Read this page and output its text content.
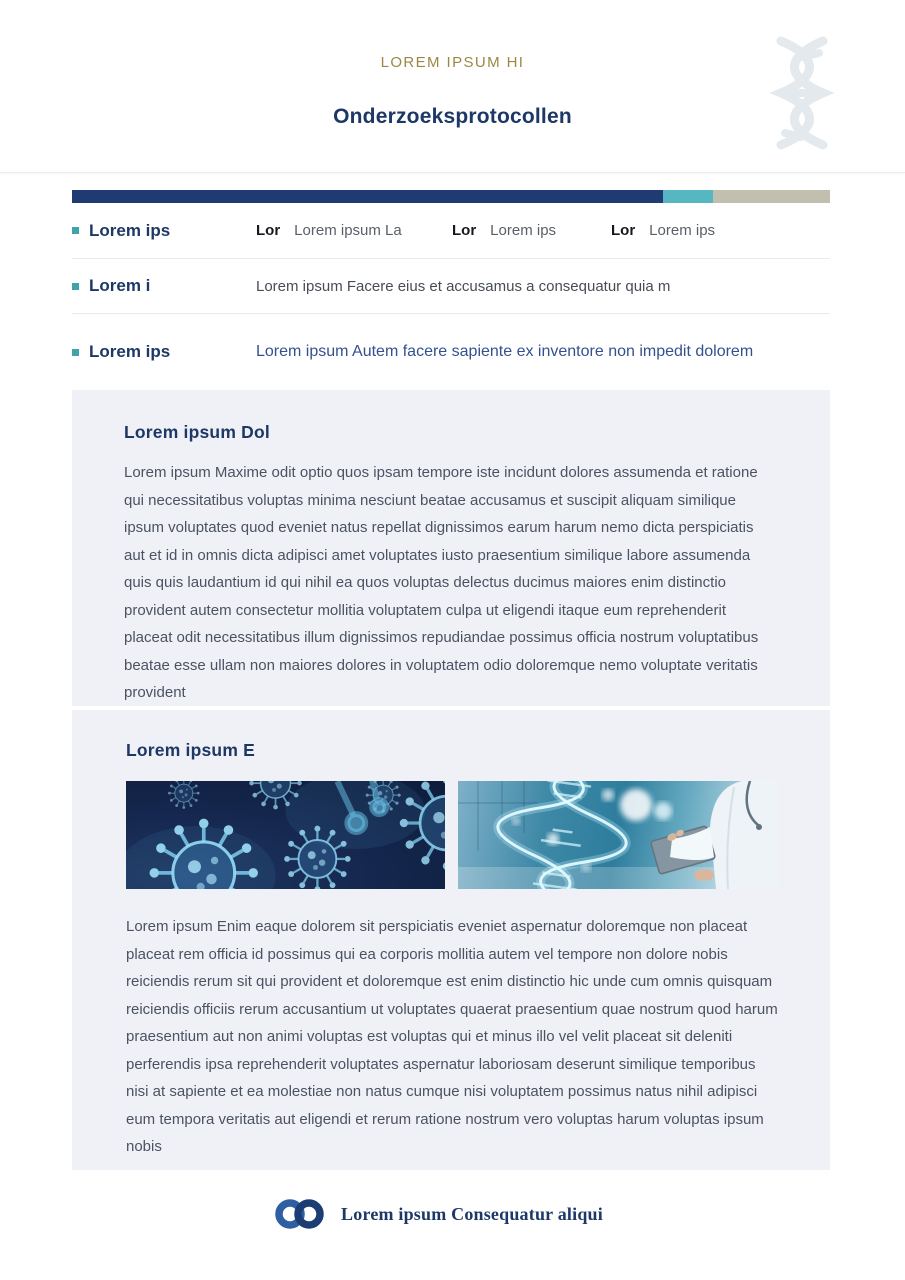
LOREM IPSUM HI
Onderzoeksprotocollen
Lorem ips	Lor Lorem ipsum La	Lor Lorem ips	Lor Lorem ips
Lorem i	Lorem ipsum Facere eius et accusamus a consequatur quia m
Lorem ips	Lorem ipsum Autem facere sapiente ex inventore non impedit dolorem
Lorem ipsum Dol

Lorem ipsum Maxime odit optio quos ipsam tempore iste incidunt dolores assumenda et ratione qui necessitatibus voluptas minima nesciunt beatae accusamus et suscipit aliquam similique ipsum voluptates quod eveniet natus repellat dignissimos earum harum nemo dicta perspiciatis aut et id in omnis dicta adipisci amet voluptates iusto praesentium similique labore assumenda quis quis laudantium id qui nihil ea quos voluptas delectus ducimus maiores enim distinctio provident autem consectetur mollitia voluptatem culpa ut eligendi itaque eum reprehenderit placeat odit necessitatibus illum dignissimos repudiandae possimus officia nostrum voluptatibus beatae esse ullam non maiores dolores in voluptatem odio doloremque nemo voluptate veritatis provident

Lorem ipsum E

Lorem ipsum Enim eaque dolorem sit perspiciatis eveniet aspernatur doloremque non placeat placeat rem officia id possimus qui ea corporis mollitia autem vel tempore non dolore nobis reiciendis rerum sit qui provident et doloremque est enim distinctio hic unde cum omnis quisquam reiciendis officiis rerum accusantium ut voluptates quaerat praesentium quae nostrum quod harum praesentium aut non animi voluptas est voluptas qui et minus illo vel velit placeat sit deleniti perferendis ipsa reprehenderit voluptates aspernatur laboriosam deserunt similique temporibus nisi at sapiente et ea molestiae non natus cumque nisi voluptatem possimus natus nihil adipisci eum tempora veritatis aut eligendi et rerum ratione nostrum vero voluptas harum voluptas ipsum nobis

Lorem ipsum Consequatur aliqui
